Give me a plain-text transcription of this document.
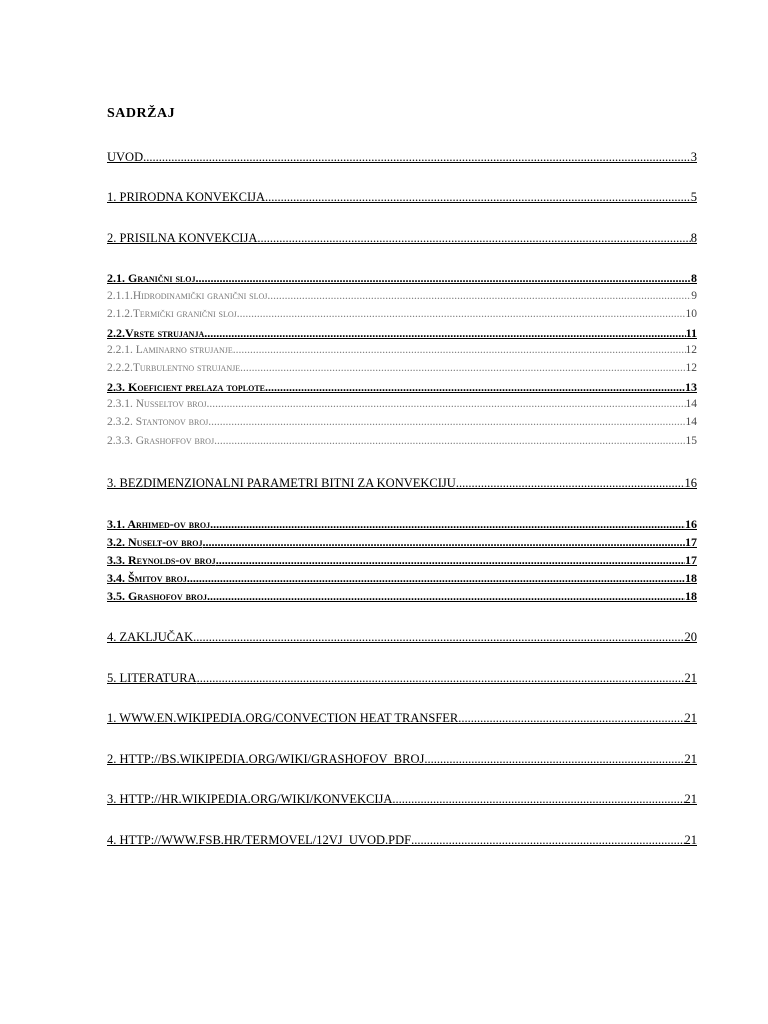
SADRŽAJ
UVOD .....	3
1. PRIRODNA KONVEKCIJA .....	5
2. PRISILNA KONVEKCIJA .....	8
2.1. Granični sloj .....	8
2.1.1.Hidrodinamički granični sloj .....	9
2.1.2.Termički granični sloj .....	10
2.2.Vrste strujanja .....	11
2.2.1. Laminarno strujanje .....	12
2.2.2.Turbulentno strujanje .....	12
2.3. Koeficient prelaza toplote .....	13
2.3.1. Nusseltov broj .....	14
2.3.2. Stantonov broj .....	14
2.3.3. Grashoffov broj .....	15
3. BEZDIMENZIONALNI PARAMETRI BITNI ZA KONVEKCIJU .....	16
3.1. Arhimed-ov broj .....	16
3.2. Nuselt-ov broj .....	17
3.3. Reynolds-ov broj .....	17
3.4. Šmitov broj .....	18
3.5. Grashofov broj .....	18
4. ZAKLJUČAK .....	20
5. LITERATURA .....	21
1. WWW.EN.WIKIPEDIA.ORG/CONVECTION HEAT TRANSFER .....	21
2. HTTP://BS.WIKIPEDIA.ORG/WIKI/GRASHOFOV_BROJ .....	21
3. HTTP://HR.WIKIPEDIA.ORG/WIKI/KONVEKCIJA .....	21
4. HTTP://WWW.FSB.HR/TERMOVEL/12VJ_UVOD.PDF .....	21
